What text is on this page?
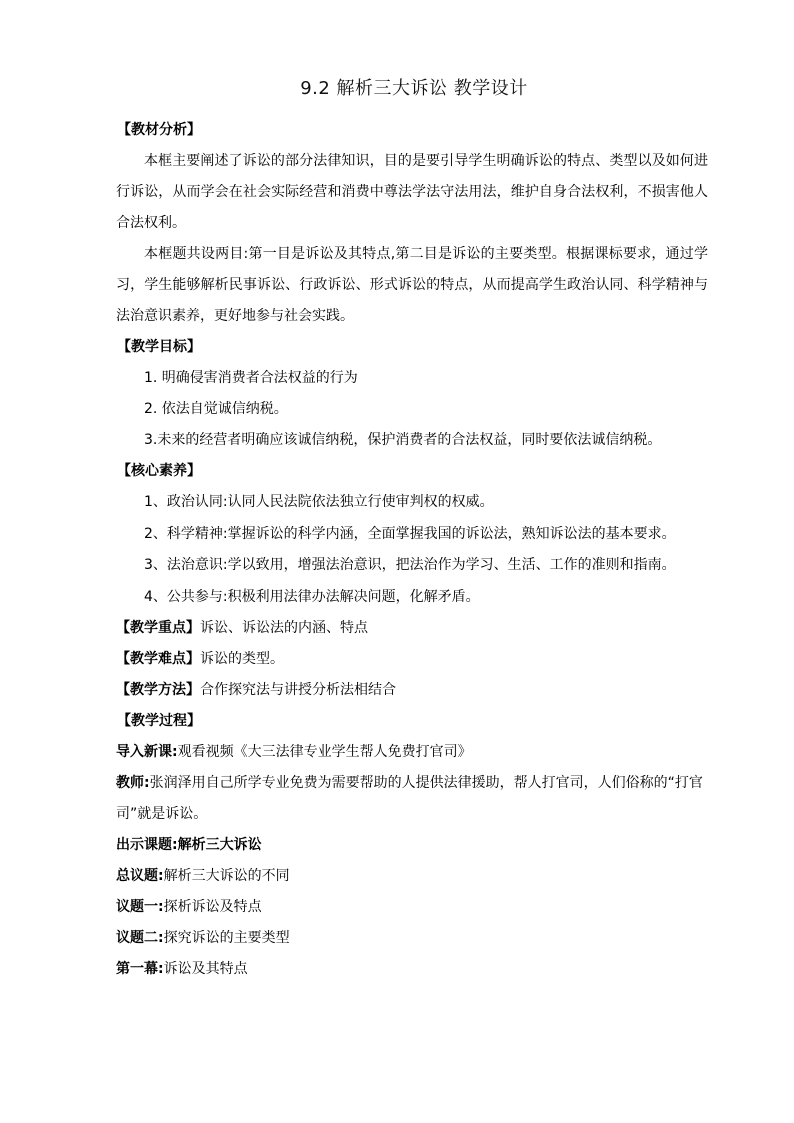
9.2 解析三大诉讼 教学设计
【教材分析】
本框主要阐述了诉讼的部分法律知识，目的是要引导学生明确诉讼的特点、类型以及如何进行诉讼，从而学会在社会实际经营和消费中尊法学法守法用法，维护自身合法权利，不损害他人合法权利。
本框题共设两目:第一目是诉讼及其特点,第二目是诉讼的主要类型。根据课标要求，通过学习，学生能够解析民事诉讼、行政诉讼、形式诉讼的特点，从而提高学生政治认同、科学精神与法治意识素养，更好地参与社会实践。
【教学目标】
1. 明确侵害消费者合法权益的行为
2. 依法自觉诚信纳税。
3.未来的经营者明确应该诚信纳税，保护消费者的合法权益，同时要依法诚信纳税。
【核心素养】
1、政治认同:认同人民法院依法独立行使审判权的权威。
2、科学精神:掌握诉讼的科学内涵，全面掌握我国的诉讼法，熟知诉讼法的基本要求。
3、法治意识:学以致用，增强法治意识，把法治作为学习、生活、工作的准则和指南。
4、公共参与:积极利用法律办法解决问题，化解矛盾。
【教学重点】诉讼、诉讼法的内涵、特点
【教学难点】诉讼的类型。
【教学方法】合作探究法与讲授分析法相结合
【教学过程】
导入新课:观看视频《大三法律专业学生帮人免费打官司》
教师:张润泽用自己所学专业免费为需要帮助的人提供法律援助，帮人打官司，人们俗称的“打官司”就是诉讼。
出示课题:解析三大诉讼
总议题:解析三大诉讼的不同
议题一:探析诉讼及特点
议题二:探究诉讼的主要类型
第一幕:诉讼及其特点
